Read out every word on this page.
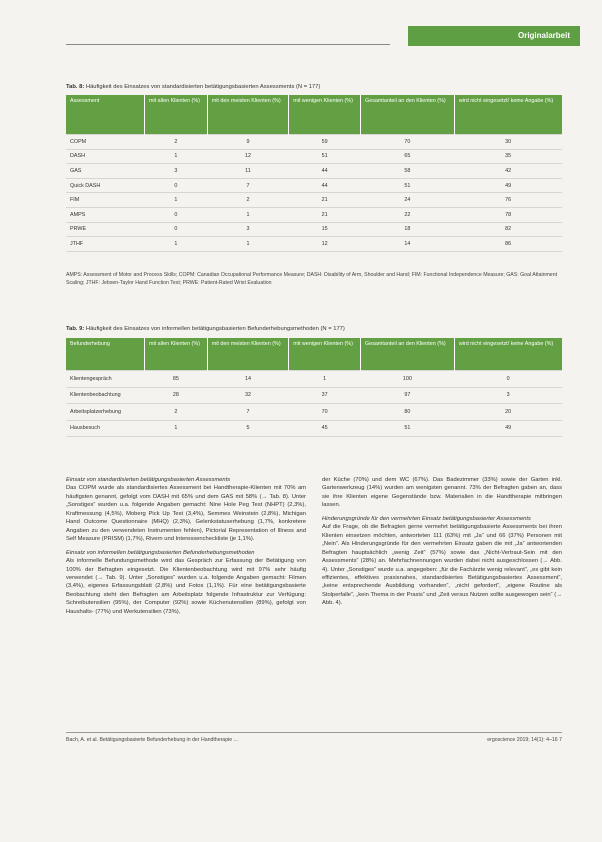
Originalarbeit
Tab. 8: Häufigkeit des Einsatzes von standardisierten betätigungsbasierten Assessments (N = 177)
Assessment	mit allen Klienten (%)	mit den meisten Klienten (%)	mit wenigen Klienten (%)	Gesamtanteil an den Klienten (%)	wird nicht eingesetzt/ keine Angabe (%)
COPM	2	9	59	70	30
DASH	1	12	51	65	35
GAS	3	11	44	58	42
Quick DASH	0	7	44	51	49
FIM	1	2	21	24	76
AMPS	0	1	21	22	78
PRWE	0	3	15	18	82
JTHF	1	1	12	14	86
AMPS: Assessment of Motor and Process Skills; COPM: Canadian Occupational Performance Measure; DASH: Disability of Arm, Shoulder and Hand; FIM: Functional Independence Measure; GAS: Goal Attainment Scaling; JTHF: Jebsen-Taylor Hand Function Test; PRWE: Patient-Rated Wrist Evaluation
Tab. 9: Häufigkeit des Einsatzes von informellen betätigungsbasierten Befunderhebungsmethoden (N = 177)
Befunderhebung	mit allen Klienten (%)	mit den meisten Klienten (%)	mit wenigen Klienten (%)	Gesamtanteil an den Klienten (%)	wird nicht eingesetzt/ keine Angabe (%)
Klientengespräch	85	14	1	100	0
Klientenbeobachtung	28	32	37	97	3
Arbeitsplatzerhebung	2	7	70	80	20
Hausbesuch	1	5	45	51	49

Einsatz von standardisierten betätigungsbasierten Assessments

Das COPM wurde als standardisiertes Assessment bei Handtherapie-Klienten mit 70% am häufigsten genannt, gefolgt vom DASH mit 65% und dem GAS mit 58% (→ Tab. 8). Unter „Sonstiges“ wurden u.a. folgende Angaben gemacht: Nine Hole Peg Test (NHPT) (2,3%), Kraftmessung (4,5%), Moberg Pick Up Test (3,4%), Semmes Weinstein (2,8%), Michigan Hand Outcome Questionnaire (MHQ) (2,3%), Gelenkstatuserhebung (1,7%, konkretere Angaben zu den verwendeten Instrumenten fehlen), Pictorial Representation of Illness and Self Measure (PRISM) (1,7%), Rivern und Interessencheckliste (je 1,1%).

Einsatz von informellen betätigungsbasierten Befunderhebungsmethoden

Als informelle Befundungsmethode wird das Gespräch zur Erfassung der Betätigung von 100% der Befragten eingesetzt. Die Klientenbeobachtung wird mit 97% sehr häufig verwendet (→ Tab. 9). Unter „Sonstiges“ wurden u.a. folgende Angaben gemacht: Filmen (3,4%), eigenes Erfassungsblatt (2,8%) und Fotos (1,1%). Für eine betätigungsbasierte Beobachtung steht den Befragten am Arbeitsplatz folgende Infrastruktur zur Verfügung: Schreibutensilien (95%), der Computer (92%) sowie Küchenutensilien (89%), gefolgt von Haushalts- (77%) und Werkutensilien (73%),

der Küche (70%) und dem WC (67%). Das Badezimmer (33%) sowie der Garten inkl. Gartenwerkzeug (14%) wurden am wenigsten genannt. 73% der Befragten gaben an, dass sie ihre Klienten eigene Gegenstände bzw. Materialien in die Handtherapie mitbringen lassen.

Hinderungsgründe für den vermehrten Einsatz betätigungsbasierter Assessments

Auf die Frage, ob die Befragten gerne vermehrt betätigungsbasierte Assessments bei ihren Klienten einsetzen möchten, antworteten 111 (63%) mit „Ja“ und 66 (37%) Personen mit „Nein“. Als Hinderungsgründe für den vermehrten Einsatz gaben die mit „Ja“ antwortenden Befragten hauptsächlich „wenig Zeit“ (57%) sowie das „Nicht-Vertraut-Sein mit den Assessments“ (28%) an. Mehrfachnennungen wurden dabei nicht ausgeschlossen (→ Abb. 4). Unter „Sonstiges“ wurde u.a. angegeben: „für die Fachärzte wenig relevant“, „es gibt kein effizientes, effektives praxisnahes, standardisiertes Betätigungsbasiertes Assessment“, „keine entsprechende Ausbildung vorhanden“, „nicht gefordert“, „eigene Routine als Stolperfalle“, „kein Thema in der Praxis“ und „Zeit versus Nutzen sollte ausgewogen sein“ (→ Abb. 4).

Bach, A. et al. Betätigungsbasierte Befunderhebung in der Handtherapie ...	ergoscience 2019; 14(1): 4–16 7
